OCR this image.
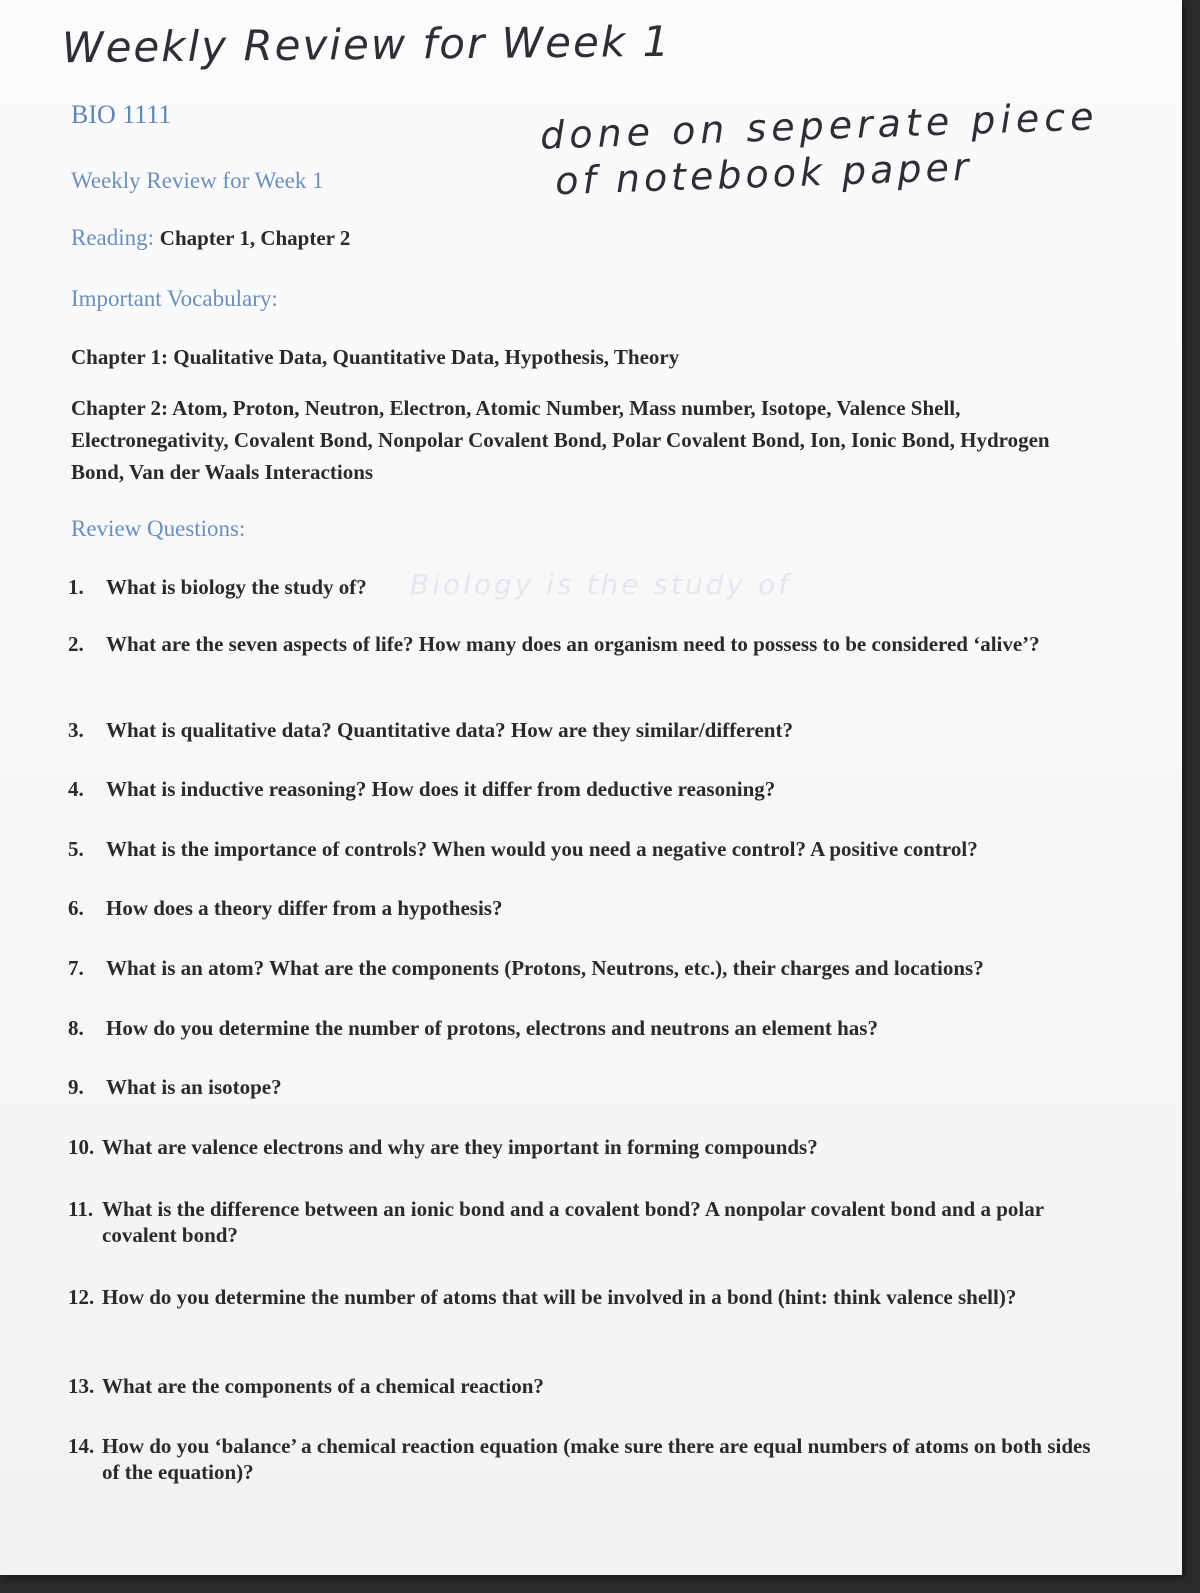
Weekly Review for Week 1
done on seperate piece
of notebook paper
Biology is the study of
BIO 1111
Weekly Review for Week 1
Reading: Chapter 1, Chapter 2
Important Vocabulary:
Chapter 1: Qualitative Data, Quantitative Data, Hypothesis, Theory
Chapter 2: Atom, Proton, Neutron, Electron, Atomic Number, Mass number, Isotope, Valence Shell, Electronegativity, Covalent Bond, Nonpolar Covalent Bond, Polar Covalent Bond, Ion, Ionic Bond, Hydrogen Bond, Van der Waals Interactions
Review Questions:
1.	What is biology the study of?
2.	What are the seven aspects of life? How many does an organism need to possess to be considered ‘alive’?
3.	What is qualitative data? Quantitative data? How are they similar/different?
4.	What is inductive reasoning? How does it differ from deductive reasoning?
5.	What is the importance of controls? When would you need a negative control? A positive control?
6.	How does a theory differ from a hypothesis?
7.	What is an atom? What are the components (Protons, Neutrons, etc.), their charges and locations?
8.	How do you determine the number of protons, electrons and neutrons an element has?
9.	What is an isotope?
10. What are valence electrons and why are they important in forming compounds?
11. What is the difference between an ionic bond and a covalent bond? A nonpolar covalent bond and a polar covalent bond?
12. How do you determine the number of atoms that will be involved in a bond (hint: think valence shell)?
13. What are the components of a chemical reaction?
14. How do you ‘balance’ a chemical reaction equation (make sure there are equal numbers of atoms on both sides of the equation)?
